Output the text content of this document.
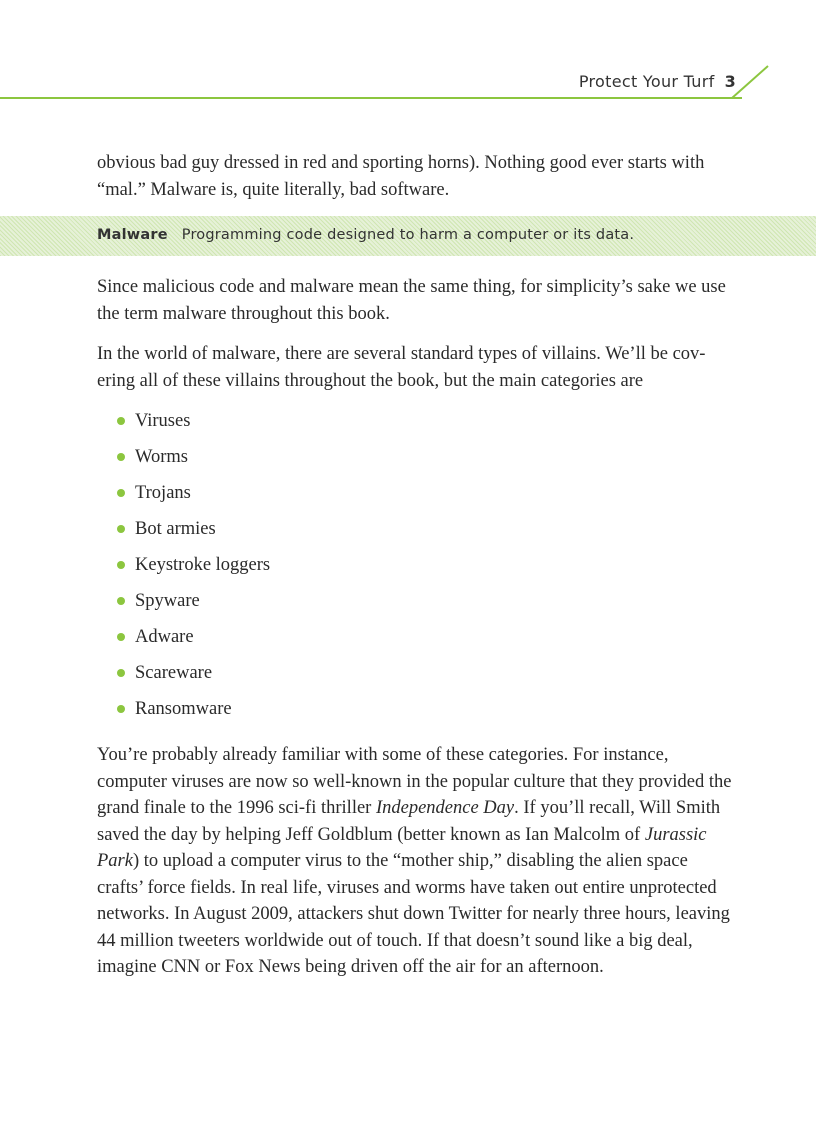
Protect Your Turf 3

obvious bad guy dressed in red and sporting horns). Nothing good ever starts with “mal.” Malware is, quite literally, bad software.

Malware Programming code designed to harm a computer or its data.

Since malicious code and malware mean the same thing, for simplicity’s sake we use the term malware throughout this book.

In the world of malware, there are several standard types of villains. We’ll be cov-ering all of these villains throughout the book, but the main categories are

Viruses
Worms
Trojans
Bot armies
Keystroke loggers
Spyware
Adware
Scareware
Ransomware

You’re probably already familiar with some of these categories. For instance, computer viruses are now so well-known in the popular culture that they provided the grand finale to the 1996 sci-fi thriller Independence Day. If you’ll recall, Will Smith saved the day by helping Jeff Goldblum (better known as Ian Malcolm of Jurassic Park) to upload a computer virus to the “mother ship,” disabling the alien space crafts’ force fields. In real life, viruses and worms have taken out entire unprotected networks. In August 2009, attackers shut down Twitter for nearly three hours, leaving 44 million tweeters worldwide out of touch. If that doesn’t sound like a big deal, imagine CNN or Fox News being driven off the air for an afternoon.
